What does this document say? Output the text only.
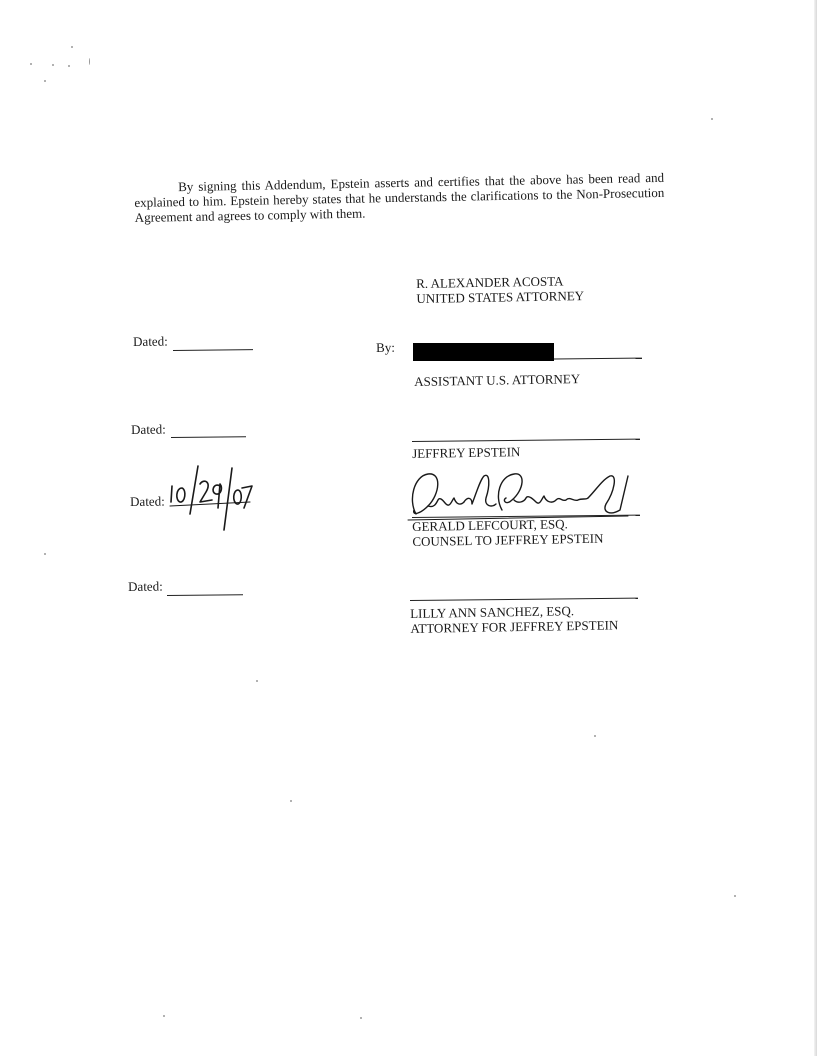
By signing this Addendum, Epstein asserts and certifies that the above has been read and explained to him. Epstein hereby states that he understands the clarifications to the Non-Prosecution Agreement and agrees to comply with them.
R. ALEXANDER ACOSTA
UNITED STATES ATTORNEY
Dated:	By:
ASSISTANT U.S. ATTORNEY
Dated:
JEFFREY EPSTEIN
Dated:
GERALD LEFCOURT, ESQ.
COUNSEL TO JEFFREY EPSTEIN
Dated:
LILLY ANN SANCHEZ, ESQ.
ATTORNEY FOR JEFFREY EPSTEIN
